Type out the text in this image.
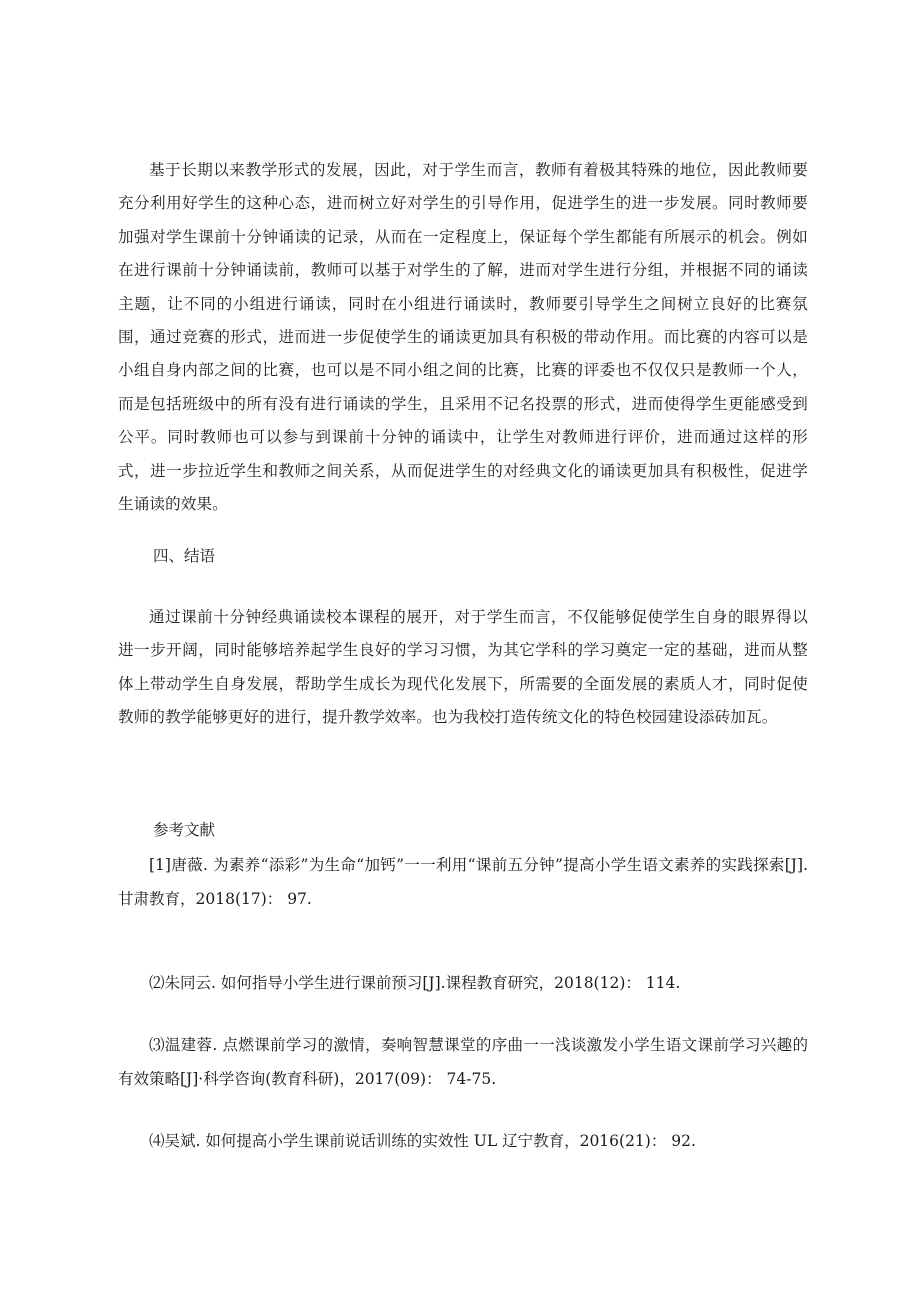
基于长期以来教学形式的发展，因此，对于学生而言，教师有着极其特殊的地位，因此教师要充分利用好学生的这种心态，进而树立好对学生的引导作用，促进学生的进一步发展。同时教师要加强对学生课前十分钟诵读的记录，从而在一定程度上，保证每个学生都能有所展示的机会。例如在进行课前十分钟诵读前，教师可以基于对学生的了解，进而对学生进行分组，并根据不同的诵读主题，让不同的小组进行诵读，同时在小组进行诵读时，教师要引导学生之间树立良好的比赛氛围，通过竞赛的形式，进而进一步促使学生的诵读更加具有积极的带动作用。而比赛的内容可以是小组自身内部之间的比赛，也可以是不同小组之间的比赛，比赛的评委也不仅仅只是教师一个人，而是包括班级中的所有没有进行诵读的学生，且采用不记名投票的形式，进而使得学生更能感受到公平。同时教师也可以参与到课前十分钟的诵读中，让学生对教师进行评价，进而通过这样的形式，进一步拉近学生和教师之间关系，从而促进学生的对经典文化的诵读更加具有积极性，促进学生诵读的效果。

四、结语

通过课前十分钟经典诵读校本课程的展开，对于学生而言，不仅能够促使学生自身的眼界得以进一步开阔，同时能够培养起学生良好的学习习惯，为其它学科的学习奠定一定的基础，进而从整体上带动学生自身发展，帮助学生成长为现代化发展下，所需要的全面发展的素质人才，同时促使教师的教学能够更好的进行，提升教学效率。也为我校打造传统文化的特色校园建设添砖加瓦。

参考文献

[1]唐薇. 为素养“添彩”为生命“加钙”一一利用“课前五分钟”提高小学生语文素养的实践探索[J].甘肃教育，2018(17)： 97.

⑵朱同云. 如何指导小学生进行课前预习[J].课程教育研究，2018(12)： 114.

⑶温建蓉. 点燃课前学习的激情，奏响智慧课堂的序曲一一浅谈激发小学生语文课前学习兴趣的有效策略[J]·科学咨询(教育科研)，2017(09)： 74-75.

⑷吴斌. 如何提高小学生课前说话训练的实效性 UL 辽宁教育，2016(21)： 92.
